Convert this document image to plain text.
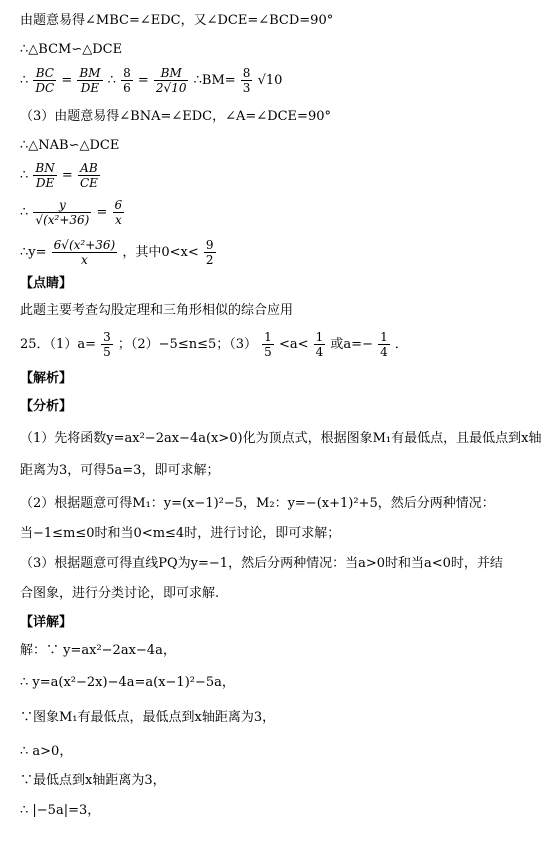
由题意易得∠MBC=∠EDC，又∠DCE=∠BCD=90°
∴△BCM∽△DCE
∴ $\frac{BC}{DC} = \frac{BM}{DE}$ ∴ $\frac{8}{6} = \frac{BM}{2√10}$ ∴BM= $\frac{8}{3} √10$
（3）由题意易得∠BNA=∠EDC，∠A=∠DCE=90°
∴△NAB∽△DCE
∴ $\frac{BN}{DE} = \frac{AB}{CE}$
∴ $\frac{y}{\text{√(x²+36)}} = \frac{6}{x}$
∴y= $\frac{\text{6√(x²+36)}}{x}$ ，其中$0<x< \frac{9}{2}$
【点睛】
此题主要考查勾股定理和三角形相似的综合应用
25．$(1)a= \frac{3}{5}$ ；（2）−5≤n≤5；$(3) \frac{1}{5} <a< \frac{1}{4}$ 或$a=- \frac{1}{4}$ ．
【解析】
【分析】
（1）先将函数y=ax²−2ax−4a(x>0)化为顶点式，根据图象M₁有最低点，且最低点到x轴
距离为3，可得5a=3，即可求解；
（2）根据题意可得M₁：y=(x−1)²−5，M₂：y=−(x+1)²+5，然后分两种情况：
当−1≤m≤0时和当0<m≤4时，进行讨论，即可求解；
（3）根据题意可得直线PQ为y=−1，然后分两种情况：当a>0时和当a<0时，并结
合图象，进行分类讨论，即可求解.
【详解】
解：∵ y=ax²−2ax−4a，
∴ y=a(x²−2x)−4a=a(x−1)²−5a，
∵图象M₁有最低点，最低点到x轴距离为3，
∴ a>0，
∵最低点到x轴距离为3，
∴ |−5a|=3，
